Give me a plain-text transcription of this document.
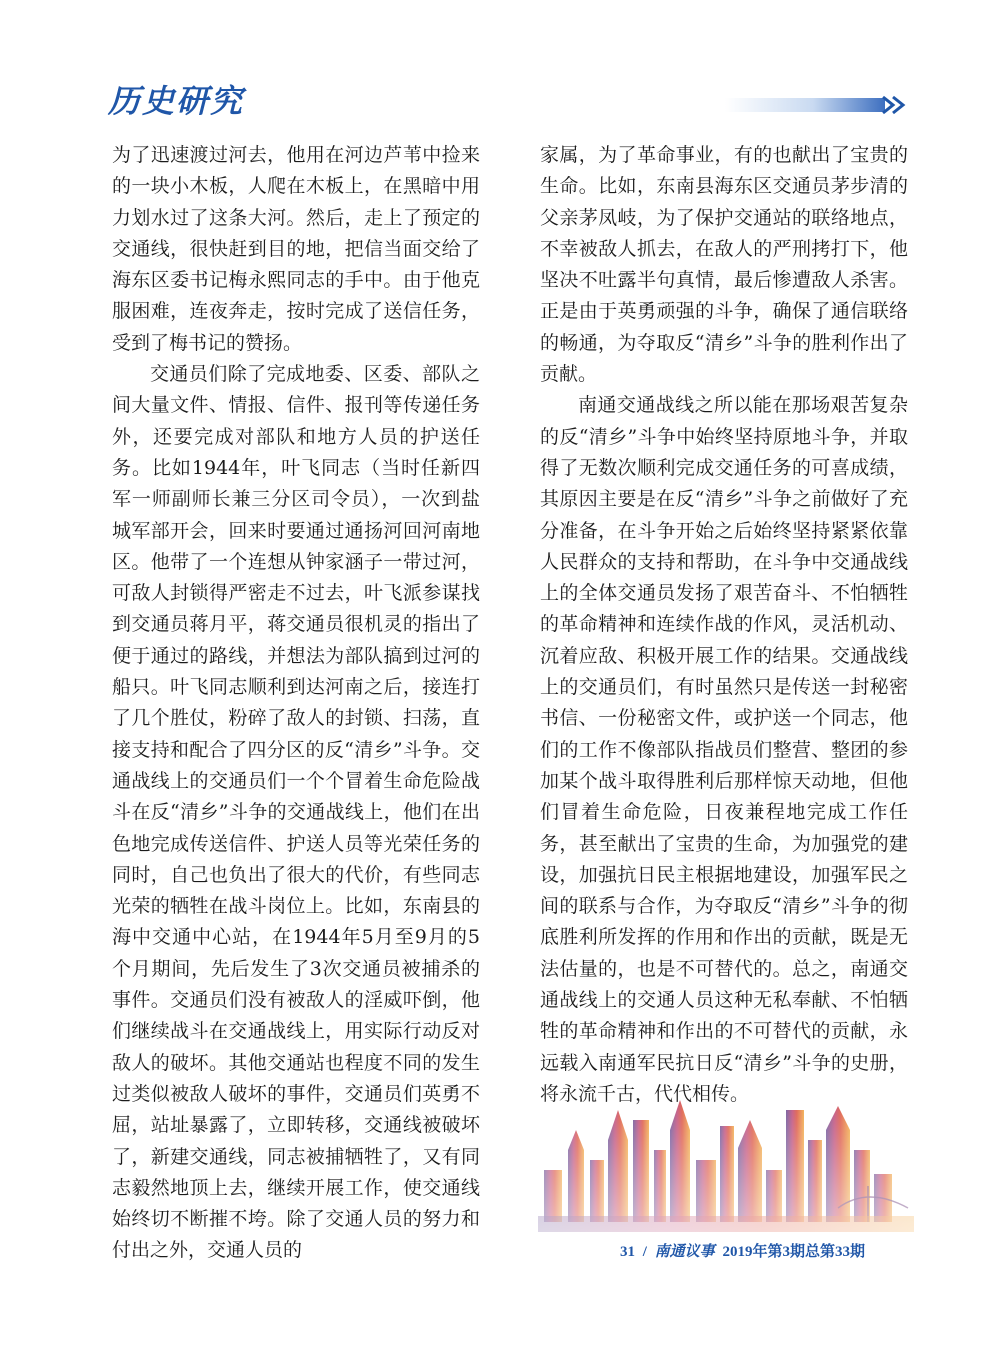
历史研究

为了迅速渡过河去，他用在河边芦苇中捡来的一块小木板，人爬在木板上，在黑暗中用力划水过了这条大河。然后，走上了预定的交通线，很快赶到目的地，把信当面交给了海东区委书记梅永熙同志的手中。由于他克服困难，连夜奔走，按时完成了送信任务，受到了梅书记的赞扬。

交通员们除了完成地委、区委、部队之间大量文件、情报、信件、报刊等传递任务外，还要完成对部队和地方人员的护送任务。比如1944年，叶飞同志（当时任新四军一师副师长兼三分区司令员），一次到盐城军部开会，回来时要通过通扬河回河南地区。他带了一个连想从钟家涵子一带过河，可敌人封锁得严密走不过去，叶飞派参谋找到交通员蒋月平，蒋交通员很机灵的指出了便于通过的路线，并想法为部队搞到过河的船只。叶飞同志顺利到达河南之后，接连打了几个胜仗，粉碎了敌人的封锁、扫荡，直接支持和配合了四分区的反“清乡”斗争。交通战线上的交通员们一个个冒着生命危险战斗在反“清乡”斗争的交通战线上，他们在出色地完成传送信件、护送人员等光荣任务的同时，自己也负出了很大的代价，有些同志光荣的牺牲在战斗岗位上。比如，东南县的海中交通中心站，在1944年5月至9月的5个月期间，先后发生了3次交通员被捕杀的事件。交通员们没有被敌人的淫威吓倒，他们继续战斗在交通战线上，用实际行动反对敌人的破坏。其他交通站也程度不同的发生过类似被敌人破坏的事件，交通员们英勇不屈，站址暴露了，立即转移，交通线被破坏了，新建交通线，同志被捕牺牲了，又有同志毅然地顶上去，继续开展工作，使交通线始终切不断摧不垮。除了交通人员的努力和付出之外，交通人员的

家属，为了革命事业，有的也献出了宝贵的生命。比如，东南县海东区交通员茅步清的父亲茅凤岐，为了保护交通站的联络地点，不幸被敌人抓去，在敌人的严刑拷打下，他坚决不吐露半句真情，最后惨遭敌人杀害。正是由于英勇顽强的斗争，确保了通信联络的畅通，为夺取反“清乡”斗争的胜利作出了贡献。

南通交通战线之所以能在那场艰苦复杂的反“清乡”斗争中始终坚持原地斗争，并取得了无数次顺利完成交通任务的可喜成绩，其原因主要是在反“清乡”斗争之前做好了充分准备，在斗争开始之后始终坚持紧紧依靠人民群众的支持和帮助，在斗争中交通战线上的全体交通员发扬了艰苦奋斗、不怕牺牲的革命精神和连续作战的作风，灵活机动、沉着应敌、积极开展工作的结果。交通战线上的交通员们，有时虽然只是传送一封秘密书信、一份秘密文件，或护送一个同志，他们的工作不像部队指战员们整营、整团的参加某个战斗取得胜利后那样惊天动地，但他们冒着生命危险，日夜兼程地完成工作任务，甚至献出了宝贵的生命，为加强党的建设，加强抗日民主根据地建设，加强军民之间的联系与合作，为夺取反“清乡”斗争的彻底胜利所发挥的作用和作出的贡献，既是无法估量的，也是不可替代的。总之，南通交通战线上的交通人员这种无私奉献、不怕牺牲的革命精神和作出的不可替代的贡献，永远载入南通军民抗日反“清乡”斗争的史册，

31 / 南通议事 2019年第3期总第33期
